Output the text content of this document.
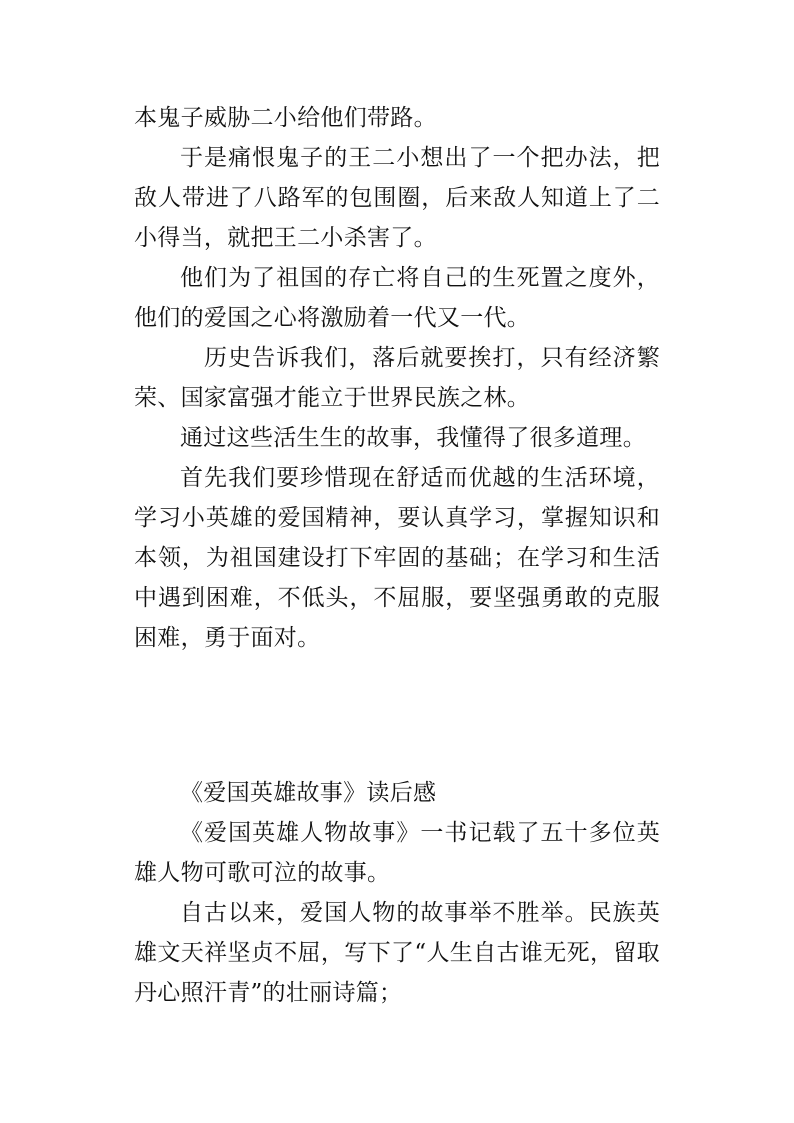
本鬼子威胁二小给他们带路。

于是痛恨鬼子的王二小想出了一个把办法，把敌人带进了八路军的包围圈，后来敌人知道上了二小得当，就把王二小杀害了。

他们为了祖国的存亡将自己的生死置之度外，他们的爱国之心将激励着一代又一代。

历史告诉我们，落后就要挨打，只有经济繁荣、国家富强才能立于世界民族之林。

通过这些活生生的故事，我懂得了很多道理。

首先我们要珍惜现在舒适而优越的生活环境，学习小英雄的爱国精神，要认真学习，掌握知识和本领，为祖国建设打下牢固的基础；在学习和生活中遇到困难，不低头，不屈服，要坚强勇敢的克服困难，勇于面对。

《爱国英雄故事》读后感

《爱国英雄人物故事》一书记载了五十多位英雄人物可歌可泣的故事。

自古以来，爱国人物的故事举不胜举。民族英雄文天祥坚贞不屈，写下了“人生自古谁无死，留取丹心照汗青”的壮丽诗篇；
